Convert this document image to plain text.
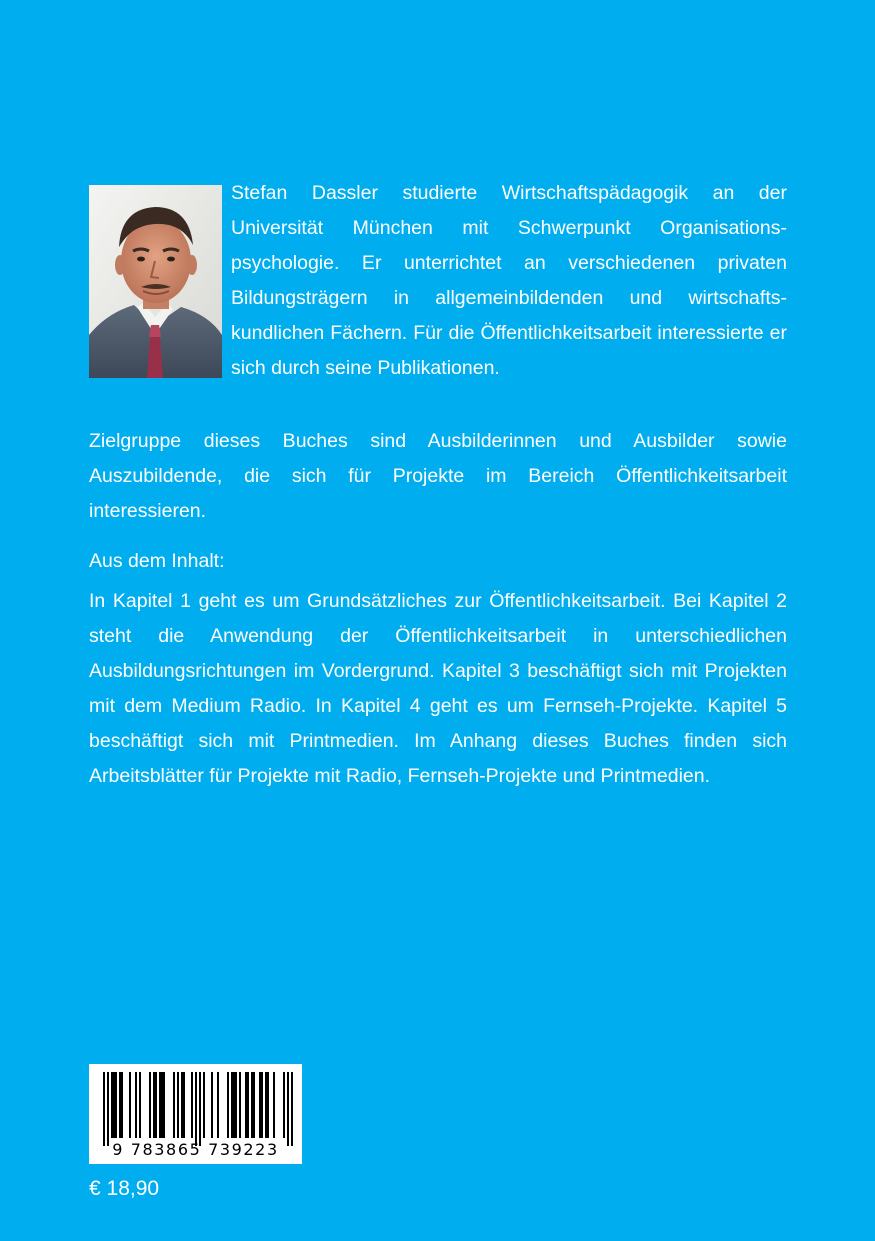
Stefan Dassler studierte Wirtschaftspädagogik an der Universität München mit Schwerpunkt Organisationspsychologie. Er unterrichtet an verschiedenen privaten Bildungsträgern in allgemeinbildenden und wirtschaftskundlichen Fächern. Für die Öffentlichkeitsarbeit interessierte er sich durch seine Publikationen.

Zielgruppe dieses Buches sind Ausbilderinnen und Ausbilder sowie Auszubildende, die sich für Projekte im Bereich Öffentlichkeitsarbeit interessieren.

Aus dem Inhalt:

In Kapitel 1 geht es um Grundsätzliches zur Öffentlichkeitsarbeit. Bei Kapitel 2 steht die Anwendung der Öffentlichkeitsarbeit in unterschiedlichen Ausbildungsrichtungen im Vordergrund. Kapitel 3 beschäftigt sich mit Projekten mit dem Medium Radio. In Kapitel 4 geht es um Fernseh-Projekte. Kapitel 5 beschäftigt sich mit Printmedien. Im Anhang dieses Buches finden sich Arbeitsblätter für Projekte mit Radio, Fernseh-Projekte und Printmedien.

9 783865 739223

€ 18,90
